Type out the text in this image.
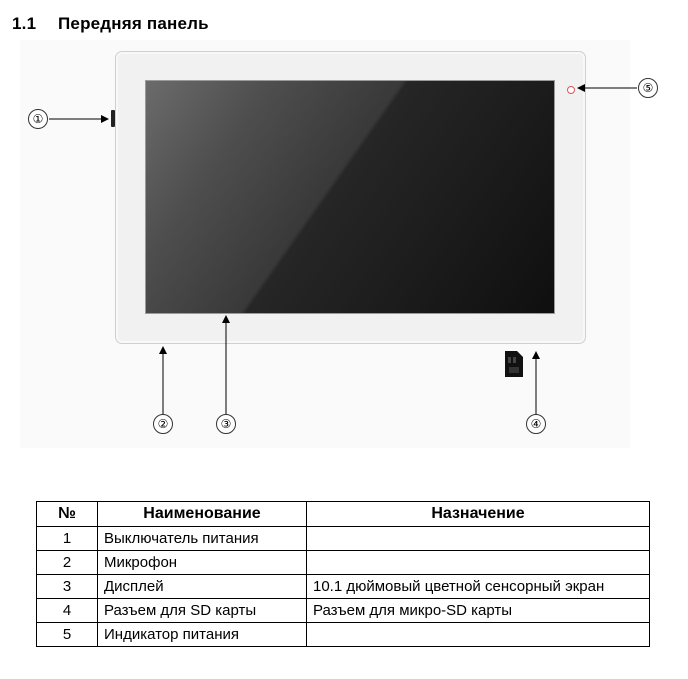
1.1 Передняя панель
①
⑤
②	③	④
№	Наименование	Назначение
1	Выключатель питания	
2	Микрофон	
3	Дисплей	10.1 дюймовый цветной сенсорный экран
4	Разъем для SD карты	Разъем для микро-SD карты
5	Индикатор питания	
